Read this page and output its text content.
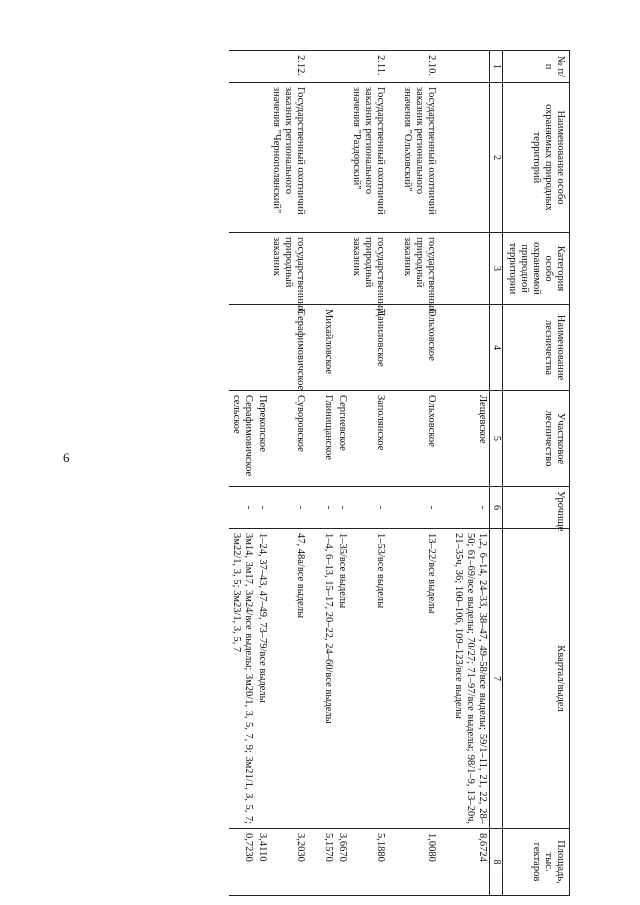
6
№ п/п	Наименование особо охраняемых природных территорий	Категория особо охраняемой природной территории	Наименование лесничества	Участковое лесничество	Урочище	Квартал/выдел	Площадь, тыс. гектаров
1	2	3	4	5	6	7	8
				Лещевское	-	1,2, 6–14, 24–33, 38–47, 49–58/все выделы; 59/1–11, 21, 22, 28–50; 61–69/все выделы; 70/27; 71–97/все выделы; 98/1–9, 13–20ч, 21–35ч, 36; 100–106, 109–123/все выделы	8,6724
2.10.	Государственный охотничий заказник регионального значения "Ольховский"	государственный природный заказник	Ольховское	Ольховское	-	13–22/все выделы	1,0080
2.11.	Государственный охотничий заказник регионального значения "Раздорский"	государственный природный заказник	Даниловское	Заполянское	-	1–53/все выделы	5,1880
				Сергиевское	-	1–35/все выделы	3,6670
			Михайловское	Глинищанское	-	1–4, 6–13, 15–17, 20–22, 24–60/все выделы	5,1570
2.12.	Государственный охотничий заказник регионального значения "Чернополянский"	государственный природный заказник	Серафимовичское	Суворовское	-	47, 48а/все выделы	3,2030
				Перекопское	-	1–24, 37–43, 47–49, 73–79/все выделы	3,4110
				Серафимовичское сельское	-	3м14, 3м17, 3м24/все выделы; 3м20/1, 3, 5, 7, 9; 3м21/1, 3, 5, 7; 3м22/1, 3, 5; 3м23/1, 3, 5, 7	0,7230
